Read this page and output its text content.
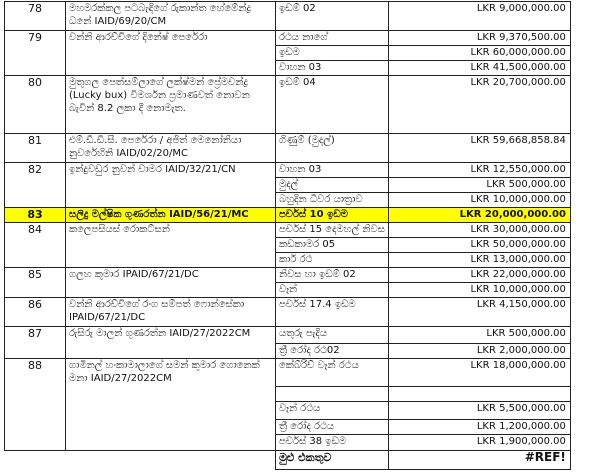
78	මහමරක්කල පටබැඳිගේ රුකාන්ත හේමේන්ද්‍ර ධනේ IAID/69/20/CM	ඉඩම් 02	LKR 9,000,000.00
79	වන්නි ආරච්චිගේ දිනේෂ් පෙරේරා	රථය නාගේ	LKR 9,370,500.00
		ඉඩම	LKR 60,000,000.00
		වාහන 03	LKR 41,500,000.00
80	මුතුගල පෙත්සම්ලාගේ ලක්ෂ්මන් ප්‍රේමචන්ද්‍ර (Lucky bux) විමර්ශන ප්‍රමාණවත් නොවන බැවින් 8.2 ලකා දී නොමැත.	ඉඩම් 04	LKR 20,700,000.00
81	එම්.ඩී.ඩී.සී. පෙරේරා / අජිත් මෙනෝනියා නුවරේහිනි IAID/02/20/MC	ගිණුම් (මුදල්)	LKR 59,668,858.84
82	ඉන්දුවඩුර නුවන් චාමර IAID/32/21/CN	වාහන 03	LKR 12,550,000.00
		මුදල්	LKR 500,000.00
		බහුදින ධීවර යාත්‍රාව	LKR 10,000,000.00
83	සලිදු මල්ෂික ගුණරත්න IAID/56/21/MC	පර්චස් 10 ඉඩම	LKR 20,000,000.00
84	කලෙපසියස් රොකට්සන්	පර්චස් 15 දෙමහල් නිවස	LKR 30,000,000.00
		කඩකාමර 05	LKR 50,000,000.00
		කාර් රථ	LKR 13,000,000.00
85	ගලහ කුමාර IPAID/67/21/DC	නිවස හා ඉඩම් 02	LKR 22,000,000.00
		වෑන්	LKR 10,000,000.00
86	වන්නි ආරච්චිගේ රංග සම්පත් ෆොන්සේකා IPAID/67/21/DC	පර්චස් 17.4 ඉඩම	LKR 4,150,000.00
87	රුසිරු මාලන් ගුණරත්න IAID/27/2022CM	යතුරු පැදිය	LKR 500,000.00
		ත්‍රී රෝද රථ02	LKR 2,000,000.00
88	ගාමිනල් හංකාමාලාගේ සමන් කුමාර ගොනෙක් මනා IAID/27/2022CM	කේබ්රිච් වෑන් රථය	LKR 18,000,000.00

		වෑන් රථය	LKR 5,500,000.00
		ත්‍රී රෝද රථය	LKR 1,200,000.00
		පර්චස් 38 ඉඩම	LKR 1,900,000.00
		මුළු එකතුව	#REF!
